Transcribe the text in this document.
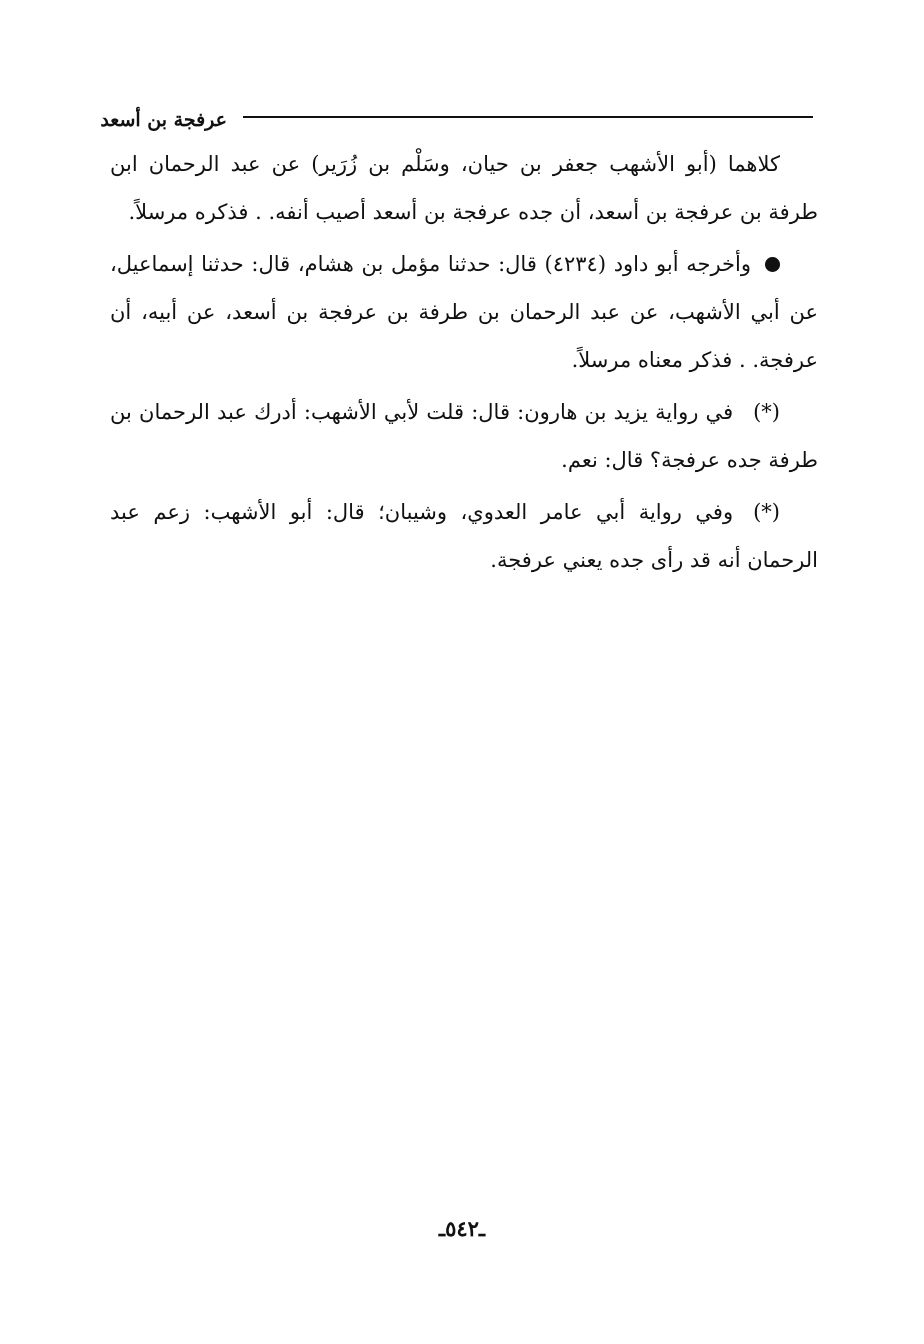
عرفجة بن أسعد

كلاهما (أبو الأشهب جعفر بن حيان، وسَلْم بن زُرَير) عن عبد الرحمان ابن طرفة بن عرفجة بن أسعد، أن جده عرفجة بن أسعد أصيب أنفه. . فذكره مرسلاً.

وأخرجه أبو داود (٤٢٣٤) قال: حدثنا مؤمل بن هشام، قال: حدثنا إسماعيل، عن أبي الأشهب، عن عبد الرحمان بن طرفة بن عرفجة بن أسعد، عن أبيه، أن عرفجة. . فذكر معناه مرسلاً.

(*)في رواية يزيد بن هارون: قال: قلت لأبي الأشهب: أدرك عبد الرحمان بن طرفة جده عرفجة؟ قال: نعم.

(*)وفي رواية أبي عامر العدوي، وشيبان؛ قال: أبو الأشهب: زعم عبد الرحمان أنه قد رأى جده يعني عرفجة.

ـ٥٤٢ـ
